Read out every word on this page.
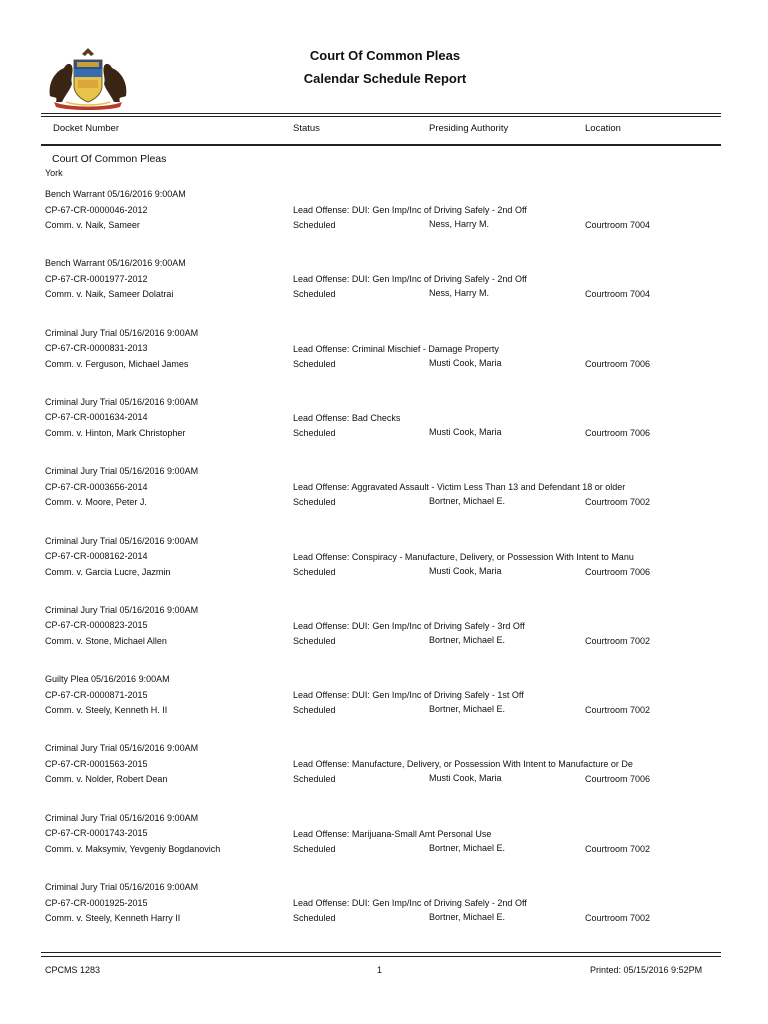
Court Of Common Pleas
Calendar Schedule Report
Docket Number	Status	Presiding Authority	Location
Court Of Common Pleas
York
Bench Warrant 05/16/2016 9:00AM
CP-67-CR-0000046-2012
Comm. v. Naik, Sameer
Lead Offense: DUI: Gen Imp/Inc of Driving Safely - 2nd Off
Scheduled	Ness, Harry M.	Courtroom 7004
Bench Warrant 05/16/2016 9:00AM
CP-67-CR-0001977-2012
Comm. v. Naik, Sameer Dolatrai
Lead Offense: DUI: Gen Imp/Inc of Driving Safely - 2nd Off
Scheduled	Ness, Harry M.	Courtroom 7004
Criminal Jury Trial 05/16/2016 9:00AM
CP-67-CR-0000831-2013
Comm. v. Ferguson, Michael James
Lead Offense: Criminal Mischief - Damage Property
Scheduled	Musti Cook, Maria	Courtroom 7006
Criminal Jury Trial 05/16/2016 9:00AM
CP-67-CR-0001634-2014
Comm. v. Hinton, Mark Christopher
Lead Offense: Bad Checks
Scheduled	Musti Cook, Maria	Courtroom 7006
Criminal Jury Trial 05/16/2016 9:00AM
CP-67-CR-0003656-2014
Comm. v. Moore, Peter J.
Lead Offense: Aggravated Assault - Victim Less Than 13 and Defendant 18 or older
Scheduled	Bortner, Michael E.	Courtroom 7002
Criminal Jury Trial 05/16/2016 9:00AM
CP-67-CR-0008162-2014
Comm. v. Garcia Lucre, Jazmin
Lead Offense: Conspiracy - Manufacture, Delivery, or Possession With Intent to Manu
Scheduled	Musti Cook, Maria	Courtroom 7006
Criminal Jury Trial 05/16/2016 9:00AM
CP-67-CR-0000823-2015
Comm. v. Stone, Michael Allen
Lead Offense: DUI: Gen Imp/Inc of Driving Safely - 3rd Off
Scheduled	Bortner, Michael E.	Courtroom 7002
Guilty Plea 05/16/2016 9:00AM
CP-67-CR-0000871-2015
Comm. v. Steely, Kenneth H. II
Lead Offense: DUI: Gen Imp/Inc of Driving Safely - 1st Off
Scheduled	Bortner, Michael E.	Courtroom 7002
Criminal Jury Trial 05/16/2016 9:00AM
CP-67-CR-0001563-2015
Comm. v. Nolder, Robert Dean
Lead Offense: Manufacture, Delivery, or Possession With Intent to Manufacture or De
Scheduled	Musti Cook, Maria	Courtroom 7006
Criminal Jury Trial 05/16/2016 9:00AM
CP-67-CR-0001743-2015
Comm. v. Maksymiv, Yevgeniy Bogdanovich
Lead Offense: Marijuana-Small Amt Personal Use
Scheduled	Bortner, Michael E.	Courtroom 7002
Criminal Jury Trial 05/16/2016 9:00AM
CP-67-CR-0001925-2015
Comm. v. Steely, Kenneth Harry II
Lead Offense: DUI: Gen Imp/Inc of Driving Safely - 2nd Off
Scheduled	Bortner, Michael E.	Courtroom 7002
CPCMS 1283	1	Printed: 05/15/2016 9:52PM
